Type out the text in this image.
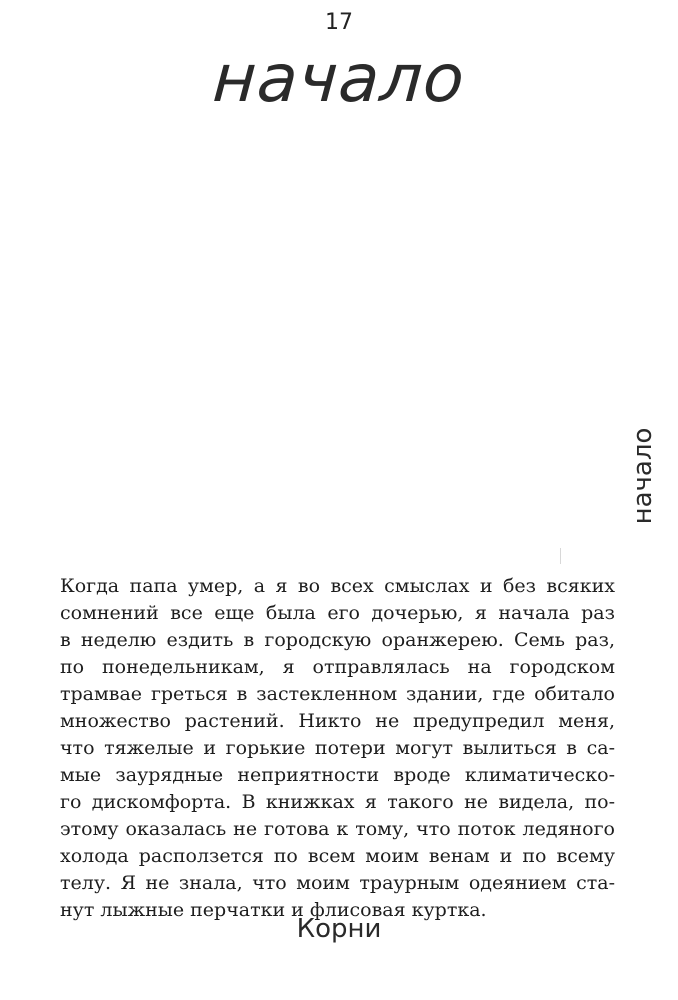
17
начало
начало
Когда папа умер, а я во всех смыслах и без всяких
сомнений все еще была его дочерью, я начала раз
в неделю ездить в городскую оранжерею. Семь раз,
по понедельникам, я отправлялась на городском
трамвае греться в застекленном здании, где обитало
множество растений. Никто не предупредил меня,
что тяжелые и горькие потери могут вылиться в са-
мые заурядные неприятности вроде климатическо-
го дискомфорта. В книжках я такого не видела, по-
этому оказалась не готова к тому, что поток ледяного
холода расползется по всем моим венам и по всему
телу. Я не знала, что моим траурным одеянием ста-
нут лыжные перчатки и флисовая куртка.
Корни
